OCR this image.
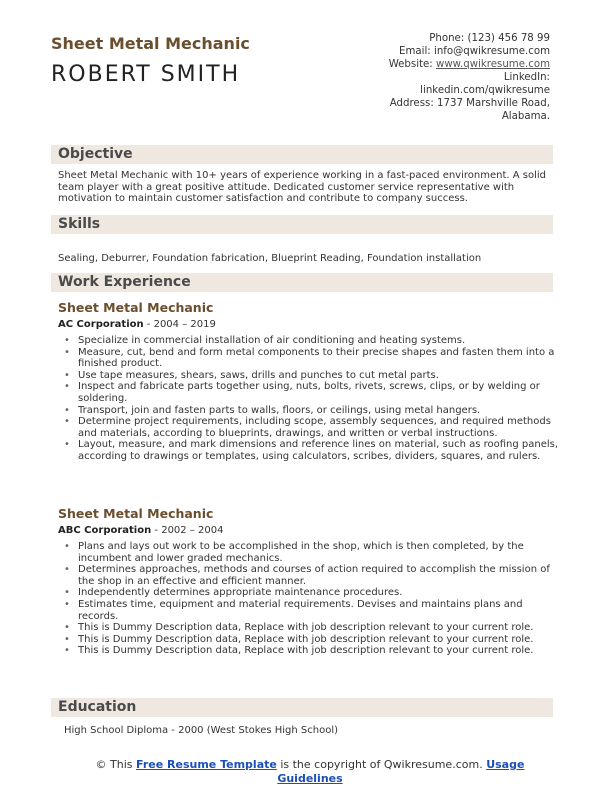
Sheet Metal Mechanic
ROBERT SMITH
Phone: (123) 456 78 99
Email: info@qwikresume.com
Website: www.qwikresume.com
LinkedIn:
linkedin.com/qwikresume
Address: 1737 Marshville Road,
Alabama.
Objective
Sheet Metal Mechanic with 10+ years of experience working in a fast-paced environment. A solid team player with a great positive attitude. Dedicated customer service representative with motivation to maintain customer satisfaction and contribute to company success.
Skills
Sealing, Deburrer, Foundation fabrication, Blueprint Reading, Foundation installation
Work Experience
Sheet Metal Mechanic
AC Corporation - 2004 – 2019
• Specialize in commercial installation of air conditioning and heating systems.
• Measure, cut, bend and form metal components to their precise shapes and fasten them into a finished product.
• Use tape measures, shears, saws, drills and punches to cut metal parts.
• Inspect and fabricate parts together using, nuts, bolts, rivets, screws, clips, or by welding or soldering.
• Transport, join and fasten parts to walls, floors, or ceilings, using metal hangers.
• Determine project requirements, including scope, assembly sequences, and required methods and materials, according to blueprints, drawings, and written or verbal instructions.
• Layout, measure, and mark dimensions and reference lines on material, such as roofing panels, according to drawings or templates, using calculators, scribes, dividers, squares, and rulers.
Sheet Metal Mechanic
ABC Corporation - 2002 – 2004
• Plans and lays out work to be accomplished in the shop, which is then completed, by the incumbent and lower graded mechanics.
• Determines approaches, methods and courses of action required to accomplish the mission of the shop in an effective and efficient manner.
• Independently determines appropriate maintenance procedures.
• Estimates time, equipment and material requirements. Devises and maintains plans and records.
• This is Dummy Description data, Replace with job description relevant to your current role.
• This is Dummy Description data, Replace with job description relevant to your current role.
• This is Dummy Description data, Replace with job description relevant to your current role.
Education
High School Diploma - 2000 (West Stokes High School)
© This Free Resume Template is the copyright of Qwikresume.com. Usage Guidelines
